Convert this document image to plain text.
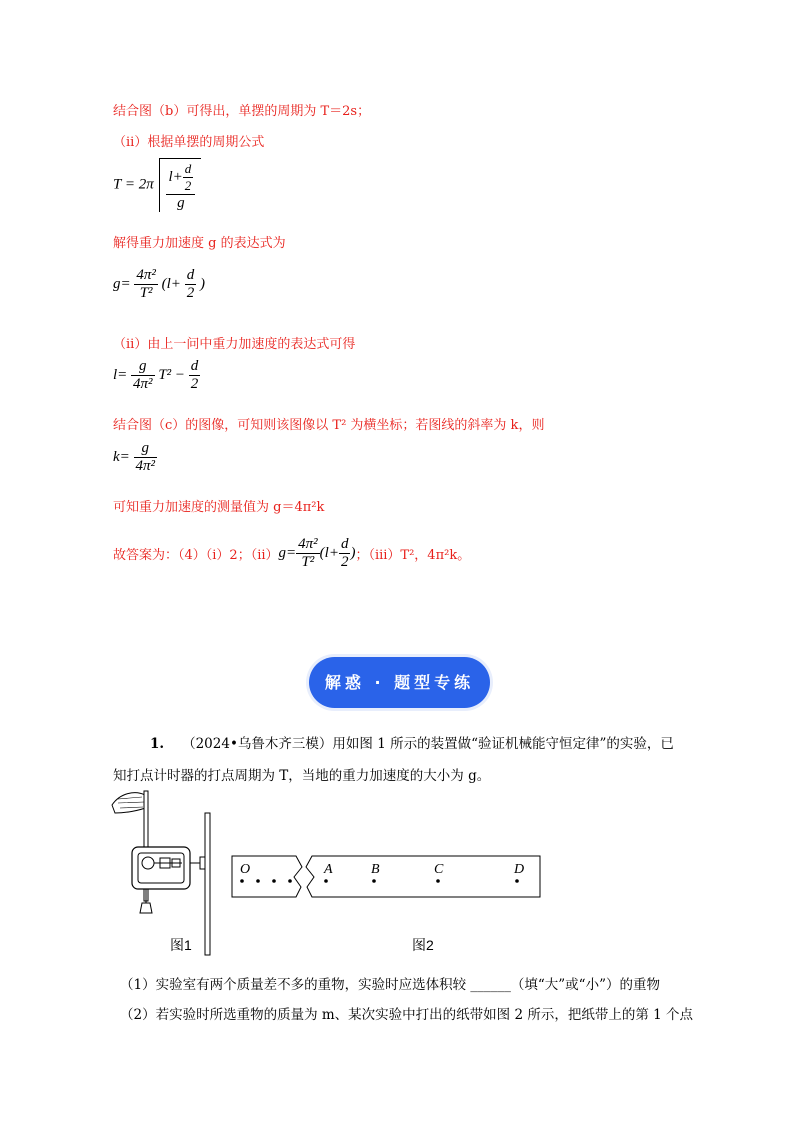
结合图（b）可得出，单摆的周期为 T＝2s；
（ii）根据单摆的周期公式
$T = 2\pi \frac{l+ \frac{d}{2}}{g}$
解得重力加速度 g 的表达式为
$g= \frac{\text{4π²}}{\text{T²}} (l+ \frac{d}{2}$ )
（ii）由上一问中重力加速度的表达式可得
$l= \frac{g}{\text{4π²}} T^2 - \frac{d}{2}$
结合图（c）的图像，可知则该图像以 T² 为横坐标；若图线的斜率为 k，则
$k= \frac{g}{\text{4π²}}$
可知重力加速度的测量值为 g＝4π²k
故答案为：（4）（i）2；（ii） $g= \frac{\text{4π²}}{\text{T²}} (l+ \frac{d}{2}$ ) ；（iii）T²，4π²k。
解惑 · 题型专练
1. （2024•乌鲁木齐三模）用如图 1 所示的装置做“验证机械能守恒定律”的实验，已
知打点计时器的打点周期为 T，当地的重力加速度的大小为 g。
图1
O	A	B	C	D
图2
（1）实验室有两个质量差不多的重物，实验时应选体积较 ______（填“大”或“小”）的重物
（2）若实验时所选重物的质量为 m、某次实验中打出的纸带如图 2 所示，把纸带上的第 1 个点
